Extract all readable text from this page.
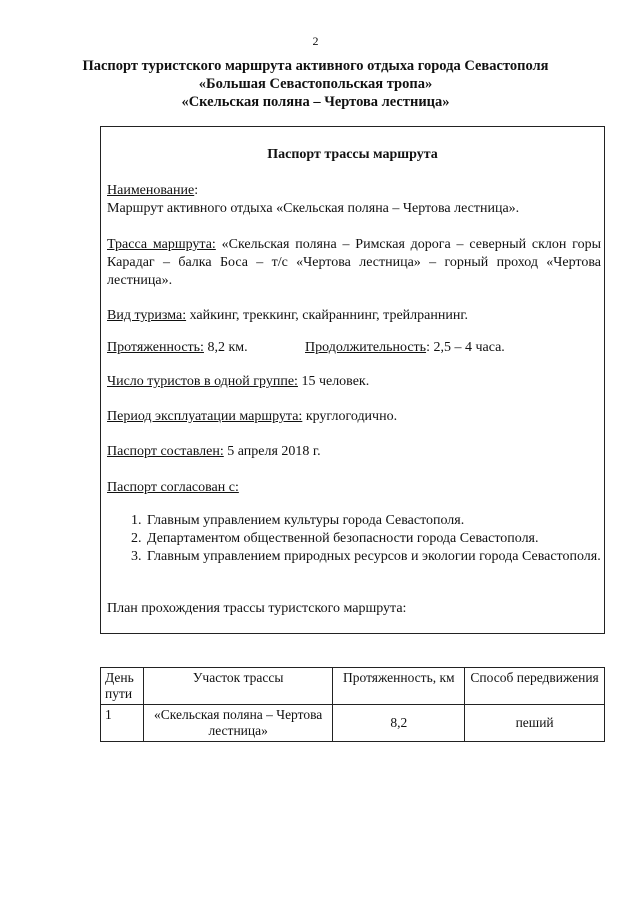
2
Паспорт туристского маршрута активного отдыха города Севастополя
«Большая Севастопольская тропа»
«Скельская поляна – Чертова лестница»
Паспорт трассы маршрута
Наименование:
Маршрут активного отдыха «Скельская поляна – Чертова лестница».
Трасса маршрута: «Скельская поляна – Римская дорога – северный склон горы Карадаг – балка Боса – т/с «Чертова лестница» – горный проход «Чертова лестница».
Вид туризма: хайкинг, треккинг, скайраннинг, трейлраннинг.
Протяженность: 8,2 км.	Продолжительность: 2,5 – 4 часа.
Число туристов в одной группе: 15 человек.
Период эксплуатации маршрута: круглогодично.
Паспорт составлен: 5 апреля 2018 г.
Паспорт согласован с:
1. Главным управлением культуры города Севастополя.
2. Департаментом общественной безопасности города Севастополя.
3. Главным управлением природных ресурсов и экологии города Севастополя.
План прохождения трассы туристского маршрута:
День пути	Участок трассы	Протяженность, км	Способ передвижения
1	«Скельская поляна – Чертова лестница»	8,2	пеший
